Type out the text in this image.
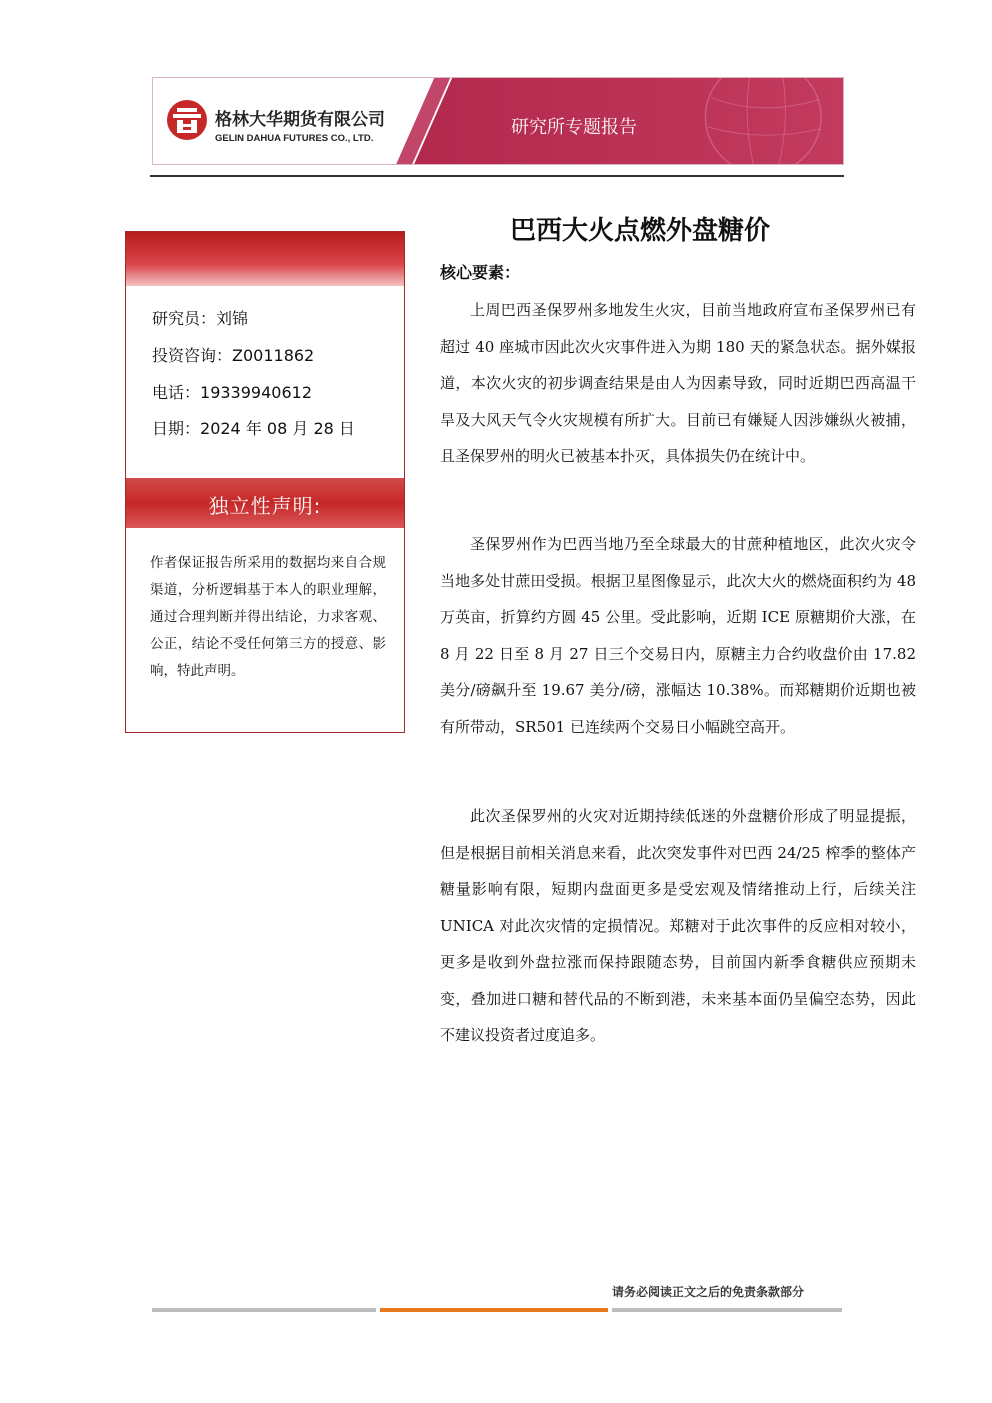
格林大华期货有限公司
GELIN DAHUA FUTURES CO., LTD.
研究所专题报告
巴西大火点燃外盘糖价
研究员：刘锦
投资咨询：Z0011862
电话：19339940612
日期：2024 年 08 月 28 日
独立性声明:
作者保证报告所采用的数据均来自合规渠道，分析逻辑基于本人的职业理解，通过合理判断并得出结论，力求客观、公正，结论不受任何第三方的授意、影响，特此声明。
核心要素：

上周巴西圣保罗州多地发生火灾，目前当地政府宣布圣保罗州已有超过 40 座城市因此次火灾事件进入为期 180 天的紧急状态。据外媒报道，本次火灾的初步调查结果是由人为因素导致，同时近期巴西高温干旱及大风天气令火灾规模有所扩大。目前已有嫌疑人因涉嫌纵火被捕，且圣保罗州的明火已被基本扑灭，具体损失仍在统计中。

圣保罗州作为巴西当地乃至全球最大的甘蔗种植地区，此次火灾令当地多处甘蔗田受损。根据卫星图像显示，此次大火的燃烧面积约为 48 万英亩，折算约方圆 45 公里。受此影响，近期 ICE 原糖期价大涨，在 8 月 22 日至 8 月 27 日三个交易日内，原糖主力合约收盘价由 17.82 美分/磅飙升至 19.67 美分/磅，涨幅达 10.38%。而郑糖期价近期也被有所带动，SR501 已连续两个交易日小幅跳空高开。

此次圣保罗州的火灾对近期持续低迷的外盘糖价形成了明显提振，但是根据目前相关消息来看，此次突发事件对巴西 24/25 榨季的整体产糖量影响有限，短期内盘面更多是受宏观及情绪推动上行，后续关注 UNICA 对此次灾情的定损情况。郑糖对于此次事件的反应相对较小，更多是收到外盘拉涨而保持跟随态势，目前国内新季食糖供应预期未变，叠加进口糖和替代品的不断到港，未来基本面仍呈偏空态势，因此不建议投资者过度追多。

请务必阅读正文之后的免责条款部分
